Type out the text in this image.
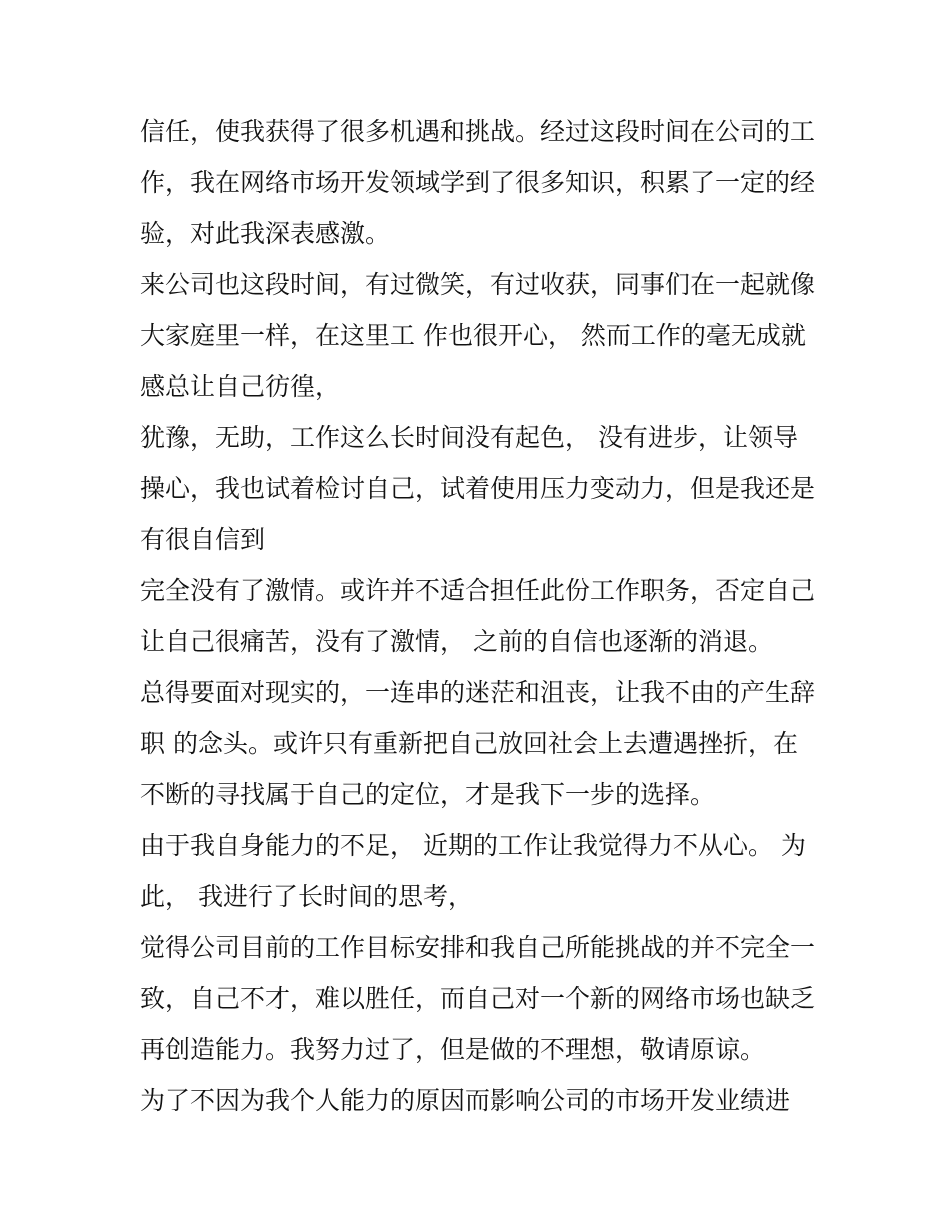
信任，使我获得了很多机遇和挑战。经过这段时间在公司的工
作，我在网络市场开发领域学到了很多知识，积累了一定的经
验，对此我深表感激。
来公司也这段时间，有过微笑，有过收获，同事们在一起就像
大家庭里一样，在这里工 作也很开心， 然而工作的毫无成就
感总让自己彷徨，
犹豫，无助，工作这么长时间没有起色， 没有进步，让领导
操心，我也试着检讨自己，试着使用压力变动力，但是我还是
有很自信到
完全没有了激情。或许并不适合担任此份工作职务，否定自己
让自己很痛苦，没有了激情， 之前的自信也逐渐的消退。
总得要面对现实的，一连串的迷茫和沮丧，让我不由的产生辞
职 的念头。或许只有重新把自己放回社会上去遭遇挫折，在
不断的寻找属于自己的定位，才是我下一步的选择。
由于我自身能力的不足， 近期的工作让我觉得力不从心。 为
此， 我进行了长时间的思考，
觉得公司目前的工作目标安排和我自己所能挑战的并不完全一
致，自己不才，难以胜任，而自己对一个新的网络市场也缺乏
再创造能力。我努力过了，但是做的不理想，敬请原谅。
为了不因为我个人能力的原因而影响公司的市场开发业绩进
